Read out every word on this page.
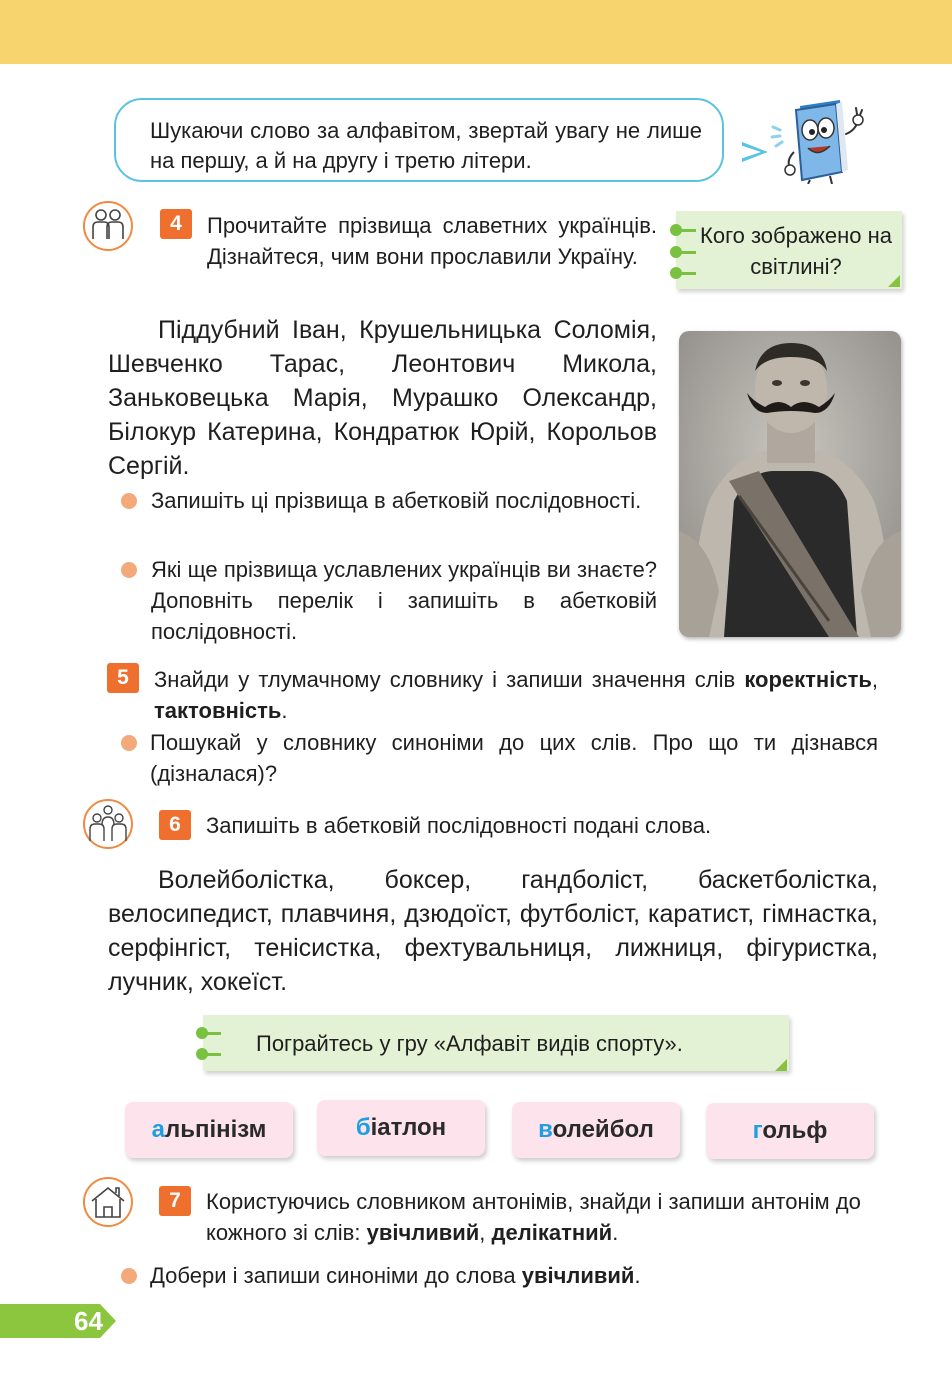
Шукаючи слово за алфавітом, звертай увагу не лише на першу, а й на другу і третю літери.
4	Прочитайте прізвища славетних українців. Дізнайтеся, чим вони прославили Україну.
Кого зображено на світлині?
Піддубний Іван, Крушельницька Соломія, Шевченко Тарас, Леонтович Микола, Заньковецька Марія, Мурашко Олександр, Білокур Катерина, Кондратюк Юрій, Корольов Сергій.
Запишіть ці прізвища в абетковій послідовності.
Які ще прізвища уславлених українців ви знаєте? Доповніть перелік і запишіть в абетковій послідовності.
5	Знайди у тлумачному словнику і запиши значення слів коректність, тактовність.
Пошукай у словнику синоніми до цих слів. Про що ти дізнався (дізналася)?
6	Запишіть в абетковій послідовності подані слова.
Волейболістка, боксер, гандболіст, баскетболістка, велосипедист, плавчиня, дзюдоїст, футболіст, каратист, гімнастка, серфінгіст, тенісистка, фехтувальниця, лижниця, фігуристка, лучник, хокеїст.
Пограйтесь у гру «Алфавіт видів спорту».
альпінізм	біатлон	волейбол	гольф
7	Користуючись словником антонімів, знайди і запиши антонім до кожного зі слів: увічливий, делікатний.
Добери і запиши синоніми до слова увічливий.
64
